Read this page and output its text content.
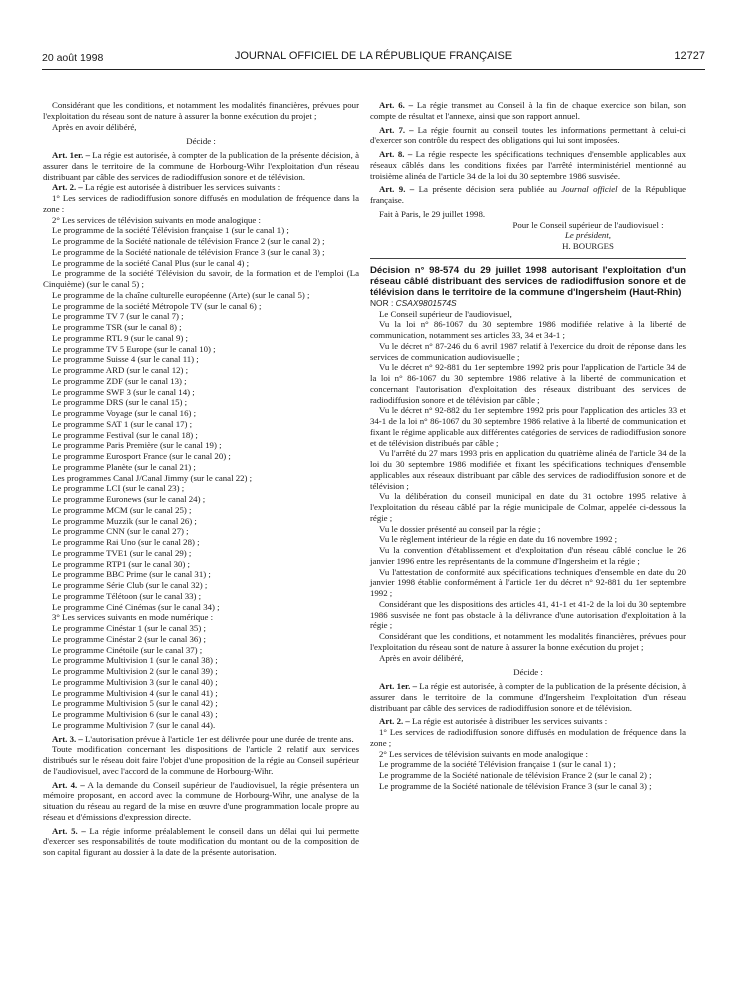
20 août 1998	JOURNAL OFFICIEL DE LA RÉPUBLIQUE FRANÇAISE	12727

Considérant que les conditions, et notamment les modalités financières, prévues pour l'exploitation du réseau sont de nature à assurer la bonne exécution du projet ;

Après en avoir délibéré,

Décide :

Art. 1er. – La régie est autorisée, à compter de la publication de la présente décision, à assurer dans le territoire de la commune de Horbourg-Wihr l'exploitation d'un réseau distribuant par câble des services de radiodiffusion sonore et de télévision.

Art. 2. – La régie est autorisée à distribuer les services suivants :

1° Les services de radiodiffusion sonore diffusés en modulation de fréquence dans la zone :

2° Les services de télévision suivants en mode analogique :

Le programme de la société Télévision française 1 (sur le canal 1) ;

Le programme de la Société nationale de télévision France 2 (sur le canal 2) ;

Le programme de la Société nationale de télévision France 3 (sur le canal 3) ;

Le programme de la société Canal Plus (sur le canal 4) ;

Le programme de la société Télévision du savoir, de la formation et de l'emploi (La Cinquième) (sur le canal 5) ;

Le programme de la chaîne culturelle européenne (Arte) (sur le canal 5) ;

Le programme de la société Métropole TV (sur le canal 6) ;

Le programme TV 7 (sur le canal 7) ;

Le programme TSR (sur le canal 8) ;

Le programme RTL 9 (sur le canal 9) ;

Le programme TV 5 Europe (sur le canal 10) ;

Le programme Suisse 4 (sur le canal 11) ;

Le programme ARD (sur le canal 12) ;

Le programme ZDF (sur le canal 13) ;

Le programme SWF 3 (sur le canal 14) ;

Le programme DRS (sur le canal 15) ;

Le programme Voyage (sur le canal 16) ;

Le programme SAT 1 (sur le canal 17) ;

Le programme Festival (sur le canal 18) ;

Le programme Paris Première (sur le canal 19) ;

Le programme Eurosport France (sur le canal 20) ;

Le programme Planète (sur le canal 21) ;

Les programmes Canal J/Canal Jimmy (sur le canal 22) ;

Le programme LCI (sur le canal 23) ;

Le programme Euronews (sur le canal 24) ;

Le programme MCM (sur le canal 25) ;

Le programme Muzzik (sur le canal 26) ;

Le programme CNN (sur le canal 27) ;

Le programme Rai Uno (sur le canal 28) ;

Le programme TVE1 (sur le canal 29) ;

Le programme RTP1 (sur le canal 30) ;

Le programme BBC Prime (sur le canal 31) ;

Le programme Série Club (sur le canal 32) ;

Le programme Télétoon (sur le canal 33) ;

Le programme Ciné Cinémas (sur le canal 34) ;

3° Les services suivants en mode numérique :

Le programme Cinéstar 1 (sur le canal 35) ;

Le programme Cinéstar 2 (sur le canal 36) ;

Le programme Cinétoile (sur le canal 37) ;

Le programme Multivision 1 (sur le canal 38) ;

Le programme Multivision 2 (sur le canal 39) ;

Le programme Multivision 3 (sur le canal 40) ;

Le programme Multivision 4 (sur le canal 41) ;

Le programme Multivision 5 (sur le canal 42) ;

Le programme Multivision 6 (sur le canal 43) ;

Le programme Multivision 7 (sur le canal 44).

Art. 3. – L'autorisation prévue à l'article 1er est délivrée pour une durée de trente ans.

Toute modification concernant les dispositions de l'article 2 relatif aux services distribués sur le réseau doit faire l'objet d'une proposition de la régie au Conseil supérieur de l'audiovisuel, avec l'accord de la commune de Horbourg-Wihr.

Art. 4. – A la demande du Conseil supérieur de l'audiovisuel, la régie présentera un mémoire proposant, en accord avec la commune de Horbourg-Wihr, une analyse de la situation du réseau au regard de la mise en œuvre d'une programmation locale propre au réseau et d'émissions d'expression directe.

Art. 5. – La régie informe préalablement le conseil dans un délai qui lui permette d'exercer ses responsabilités de toute modification du montant ou de la composition de son capital figurant au dossier à la date de la présente autorisation.

Art. 6. – La régie transmet au Conseil à la fin de chaque exercice son bilan, son compte de résultat et l'annexe, ainsi que son rapport annuel.

Art. 7. – La régie fournit au conseil toutes les informations permettant à celui-ci d'exercer son contrôle du respect des obligations qui lui sont imposées.

Art. 8. – La régie respecte les spécifications techniques d'ensemble applicables aux réseaux câblés dans les conditions fixées par l'arrêté interministériel mentionné au troisième alinéa de l'article 34 de la loi du 30 septembre 1986 susvisée.

Art. 9. – La présente décision sera publiée au Journal officiel de la République française.

Fait à Paris, le 29 juillet 1998.

Pour le Conseil supérieur de l'audiovisuel :

Le président,

H. BOURGES

Décision n° 98-574 du 29 juillet 1998 autorisant l'exploitation d'un réseau câblé distribuant des services de radiodiffusion sonore et de télévision dans le territoire de la commune d'Ingersheim (Haut-Rhin)

NOR : CSAX9801574S

Le Conseil supérieur de l'audiovisuel,

Vu la loi n° 86-1067 du 30 septembre 1986 modifiée relative à la liberté de communication, notamment ses articles 33, 34 et 34-1 ;

Vu le décret n° 87-246 du 6 avril 1987 relatif à l'exercice du droit de réponse dans les services de communication audiovisuelle ;

Vu le décret n° 92-881 du 1er septembre 1992 pris pour l'application de l'article 34 de la loi n° 86-1067 du 30 septembre 1986 relative à la liberté de communication et concernant l'autorisation d'exploitation des réseaux distribuant des services de radiodiffusion sonore et de télévision par câble ;

Vu le décret n° 92-882 du 1er septembre 1992 pris pour l'application des articles 33 et 34-1 de la loi n° 86-1067 du 30 septembre 1986 relative à la liberté de communication et fixant le régime applicable aux différentes catégories de services de radiodiffusion sonore et de télévision distribués par câble ;

Vu l'arrêté du 27 mars 1993 pris en application du quatrième alinéa de l'article 34 de la loi du 30 septembre 1986 modifiée et fixant les spécifications techniques d'ensemble applicables aux réseaux distribuant par câble des services de radiodiffusion sonore et de télévision ;

Vu la délibération du conseil municipal en date du 31 octobre 1995 relative à l'exploitation du réseau câblé par la régie municipale de Colmar, appelée ci-dessous la régie ;

Vu le dossier présenté au conseil par la régie ;

Vu le règlement intérieur de la régie en date du 16 novembre 1992 ;

Vu la convention d'établissement et d'exploitation d'un réseau câblé conclue le 26 janvier 1996 entre les représentants de la commune d'Ingersheim et la régie ;

Vu l'attestation de conformité aux spécifications techniques d'ensemble en date du 20 janvier 1998 établie conformément à l'article 1er du décret n° 92-881 du 1er septembre 1992 ;

Considérant que les dispositions des articles 41, 41-1 et 41-2 de la loi du 30 septembre 1986 susvisée ne font pas obstacle à la délivrance d'une autorisation d'exploitation à la régie ;

Considérant que les conditions, et notamment les modalités financières, prévues pour l'exploitation du réseau sont de nature à assurer la bonne exécution du projet ;

Après en avoir délibéré,

Décide :

Art. 1er. – La régie est autorisée, à compter de la publication de la présente décision, à assurer dans le territoire de la commune d'Ingersheim l'exploitation d'un réseau distribuant par câble des services de radiodiffusion sonore et de télévision.

Art. 2. – La régie est autorisée à distribuer les services suivants :

1° Les services de radiodiffusion sonore diffusés en modulation de fréquence dans la zone ;

2° Les services de télévision suivants en mode analogique :

Le programme de la société Télévision française 1 (sur le canal 1) ;

Le programme de la Société nationale de télévision France 2 (sur le canal 2) ;

Le programme de la Société nationale de télévision France 3 (sur le canal 3) ;
